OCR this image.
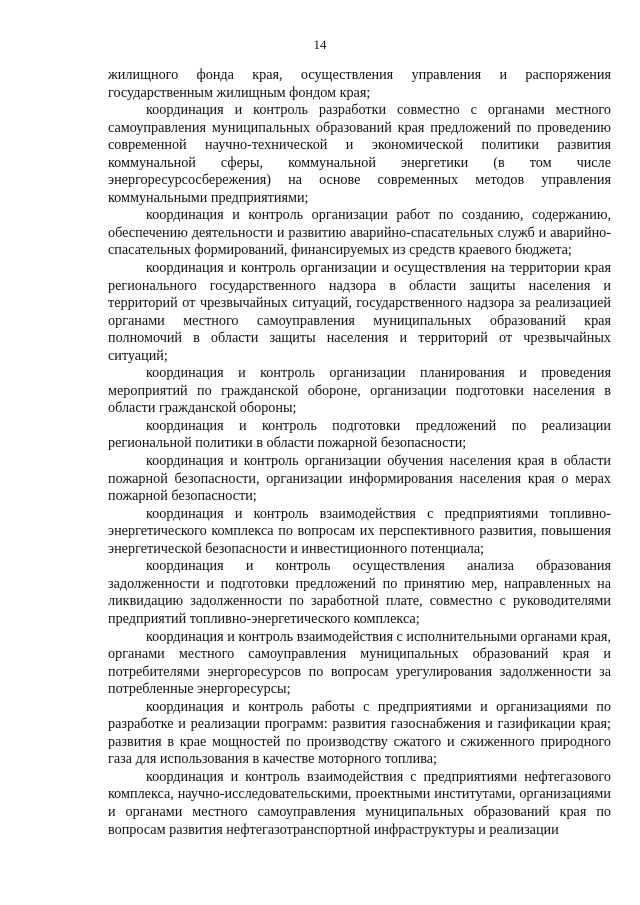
14

жилищного фонда края, осуществления управления и распоряжения государственным жилищным фондом края;

координация и контроль разработки совместно с органами местного самоуправления муниципальных образований края предложений по проведению современной научно-технической и экономической политики развития коммунальной сферы, коммунальной энергетики (в том числе энергоресурсосбережения) на основе современных методов управления коммунальными предприятиями;

координация и контроль организации работ по созданию, содержанию, обеспечению деятельности и развитию аварийно-спасательных служб и аварийно-спасательных формирований, финансируемых из средств краевого бюджета;

координация и контроль организации и осуществления на территории края регионального государственного надзора в области защиты населения и территорий от чрезвычайных ситуаций, государственного надзора за реализацией органами местного самоуправления муниципальных образований края полномочий в области защиты населения и территорий от чрезвычайных ситуаций;

координация и контроль организации планирования и проведения мероприятий по гражданской обороне, организации подготовки населения в области гражданской обороны;

координация и контроль подготовки предложений по реализации региональной политики в области пожарной безопасности;

координация и контроль организации обучения населения края в области пожарной безопасности, организации информирования населения края о мерах пожарной безопасности;

координация и контроль взаимодействия с предприятиями топливно-энергетического комплекса по вопросам их перспективного развития, повышения энергетической безопасности и инвестиционного потенциала;

координация и контроль осуществления анализа образования задолженности и подготовки предложений по принятию мер, направленных на ликвидацию задолженности по заработной плате, совместно с руководителями предприятий топливно-энергетического комплекса;

координация и контроль взаимодействия с исполнительными органами края, органами местного самоуправления муниципальных образований края и потребителями энергоресурсов по вопросам урегулирования задолженности за потребленные энергоресурсы;

координация и контроль работы с предприятиями и организациями по разработке и реализации программ: развития газоснабжения и газификации края; развития в крае мощностей по производству сжатого и сжиженного природного газа для использования в качестве моторного топлива;

координация и контроль взаимодействия с предприятиями нефтегазового комплекса, научно-исследовательскими, проектными институтами, организациями и органами местного самоуправления муниципальных образований края по вопросам развития нефтегазотранспортной инфраструктуры и реализации
